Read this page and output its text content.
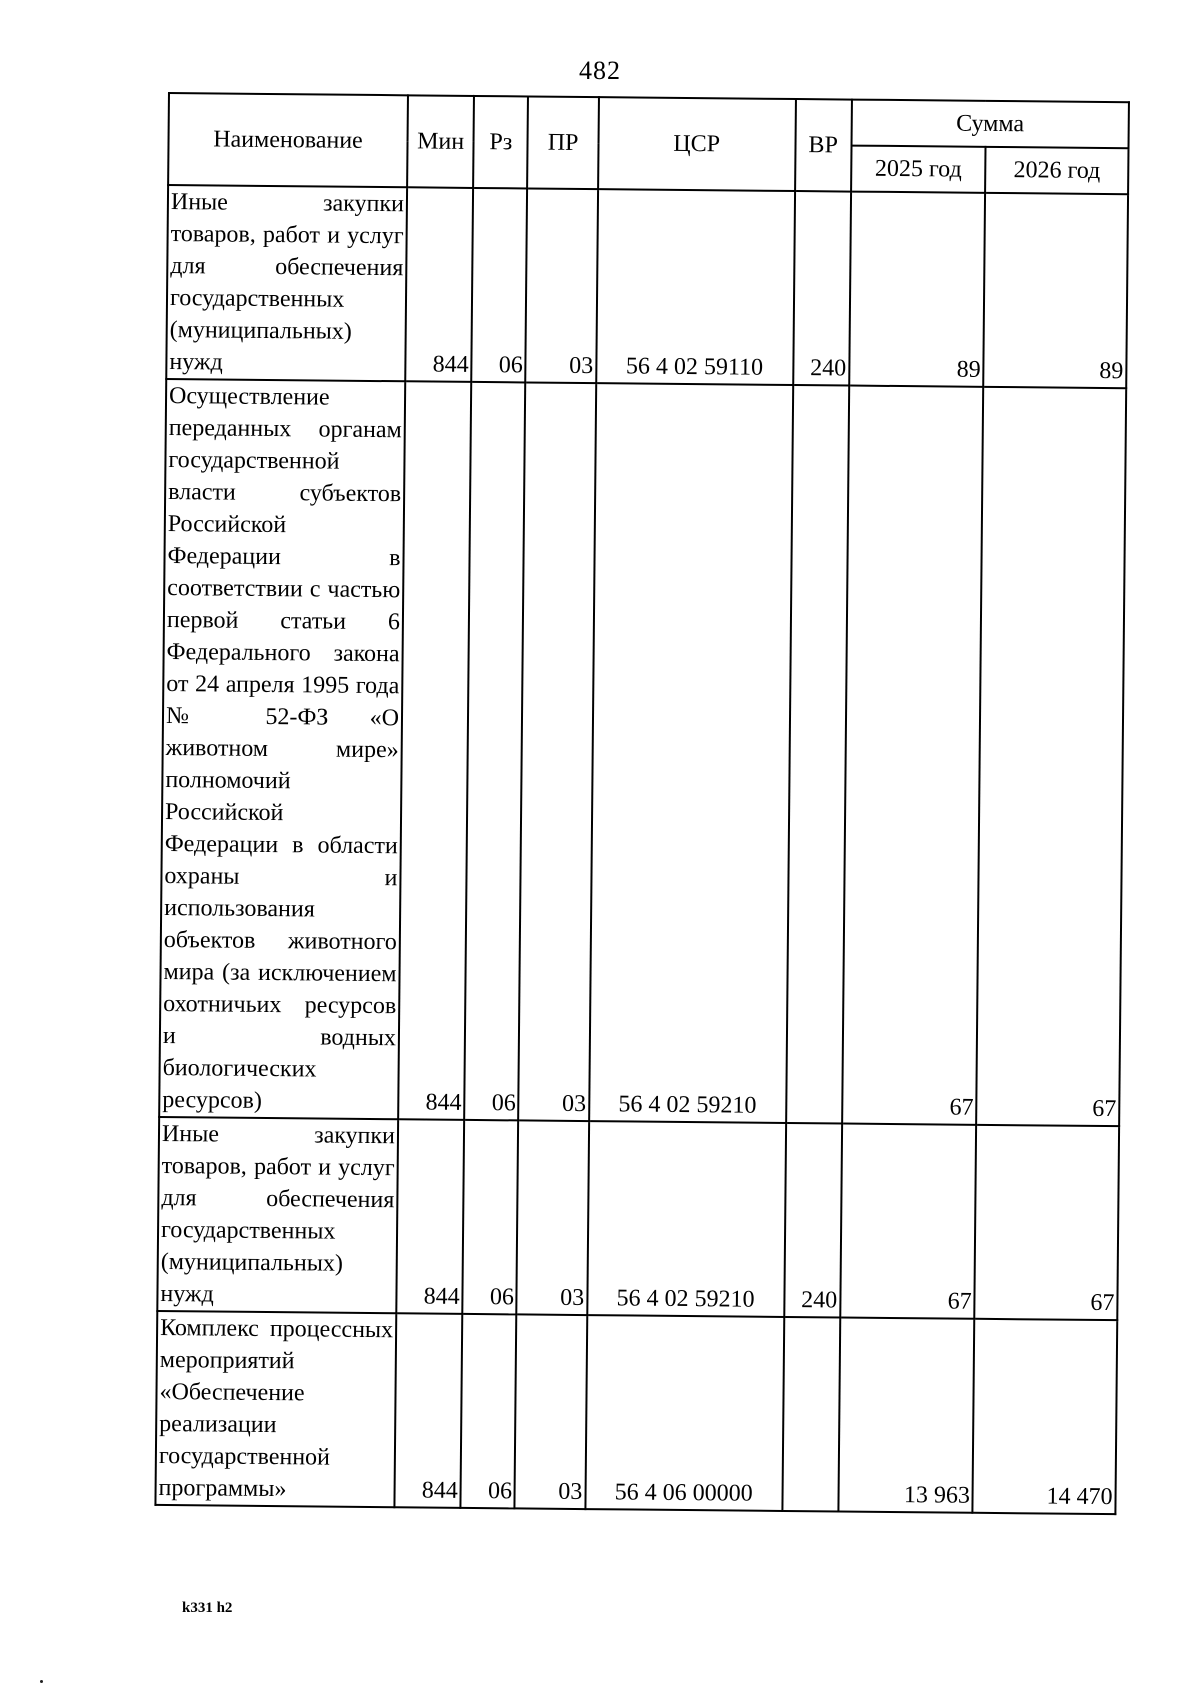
482
Наименование	Мин	Рз	ПР	ЦСР	ВР	Сумма	
						2025 год	2026 год
Иные закупки товаров, работ и услуг для обеспечения государственных (муниципальных) нужд	844	06	03	56 4 02 59110	240	89	89
Осуществление переданных органам государственной власти субъектов Российской Федерации в соответствии с частью первой статьи 6 Федерального закона от 24 апреля 1995 года № 52-ФЗ «О животном мире» полномочий Российской Федерации в области охраны и использования объектов животного мира (за исключением охотничьих ресурсов и водных биологических ресурсов)	844	06	03	56 4 02 59210		67	67
Иные закупки товаров, работ и услуг для обеспечения государственных (муниципальных) нужд	844	06	03	56 4 02 59210	240	67	67
Комплекс процессных мероприятий «Обеспечение реализации государственной программы»	844	06	03	56 4 06 00000		13 963	14 470
k331 h2
